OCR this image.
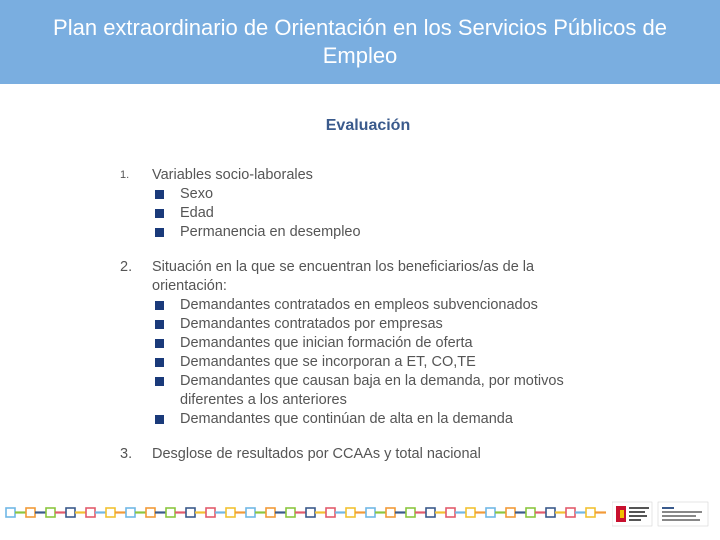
Plan extraordinario de Orientación en los Servicios Públicos de Empleo
Evaluación
1. Variables socio-laborales
Sexo
Edad
Permanencia en desempleo
2. Situación en la que se encuentran los beneficiarios/as de la orientación:
Demandantes contratados en empleos subvencionados
Demandantes contratados por empresas
Demandantes que inician formación de oferta
Demandantes que se incorporan a ET, CO,TE
Demandantes que causan baja en la demanda, por motivos diferentes a los anteriores
Demandantes que continúan de alta en la demanda
3. Desglose de resultados por CCAAs y total nacional
